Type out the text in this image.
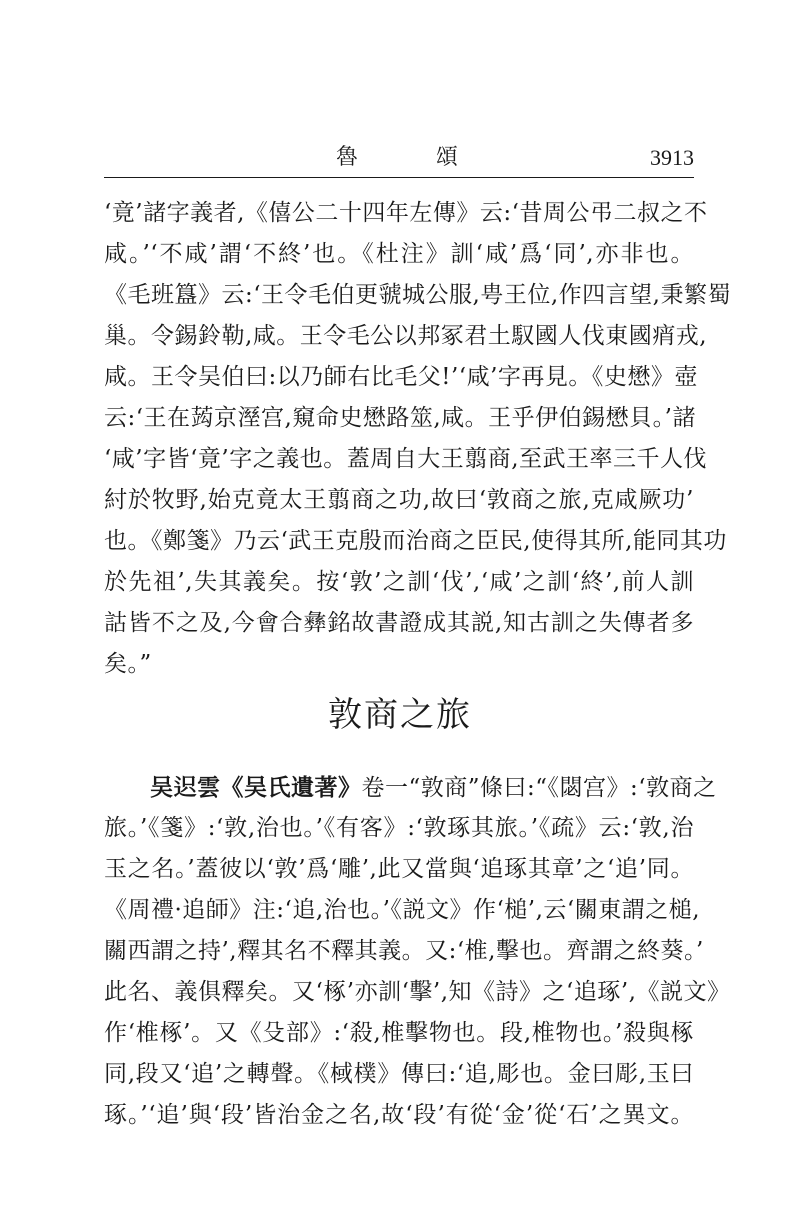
魯　頌	3913
‘竟’諸字義者,《僖公二十四年左傳》云:‘昔周公弔二叔之不
咸。’‘不咸’謂‘不終’也。《杜注》訓‘咸’爲‘同’,亦非也。
《毛班簋》云:‘王令毛伯更虢城公服,甹王位,作四言望,秉繁蜀
巢。令錫鈴勒,咸。王令毛公以邦冢君土馭國人伐東國痟戎,
咸。王令吴伯曰:以乃師右比毛父!’‘咸’字再見。《史懋》壺
云:‘王在𦵑京溼宫,窺命史懋路筮,咸。王乎伊伯錫懋貝。’諸
‘咸’字皆‘竟’字之義也。蓋周自大王翦商,至武王率三千人伐
紂於牧野,始克竟太王翦商之功,故曰‘敦商之旅,克咸厥功’
也。《鄭箋》乃云‘武王克殷而治商之臣民,使得其所,能同其功
於先祖’,失其義矣。按‘敦’之訓‘伐’,‘咸’之訓‘終’,前人訓
詁皆不之及,今會合彝銘故書證成其説,知古訓之失傳者多
矣。”
敦商之旅
吴𨒅雲《吴氏遺著》卷一“敦商”條曰:“《閟宫》:‘敦商之
旅。’《箋》:‘敦,治也。’《有客》:‘敦琢其旅。’《疏》云:‘敦,治
玉之名。’蓋彼以‘敦’爲‘雕’,此又當與‘追琢其章’之‘追’同。
《周禮·追師》注:‘追,治也。’《説文》作‘槌’,云‘關東謂之槌,
關西謂之持’,釋其名不釋其義。又:‘椎,擊也。齊謂之終葵。’
此名、義俱釋矣。又‘椓’亦訓‘擊’,知《詩》之‘追琢’,《説文》
作‘椎椓’。又《殳部》:‘殺,椎擊物也。段,椎物也。’殺與椓
同,段又‘追’之轉聲。《棫樸》傳曰:‘追,彫也。金曰彫,玉曰
琢。’‘追’與‘段’皆治金之名,故‘段’有從‘金’從‘石’之異文。
